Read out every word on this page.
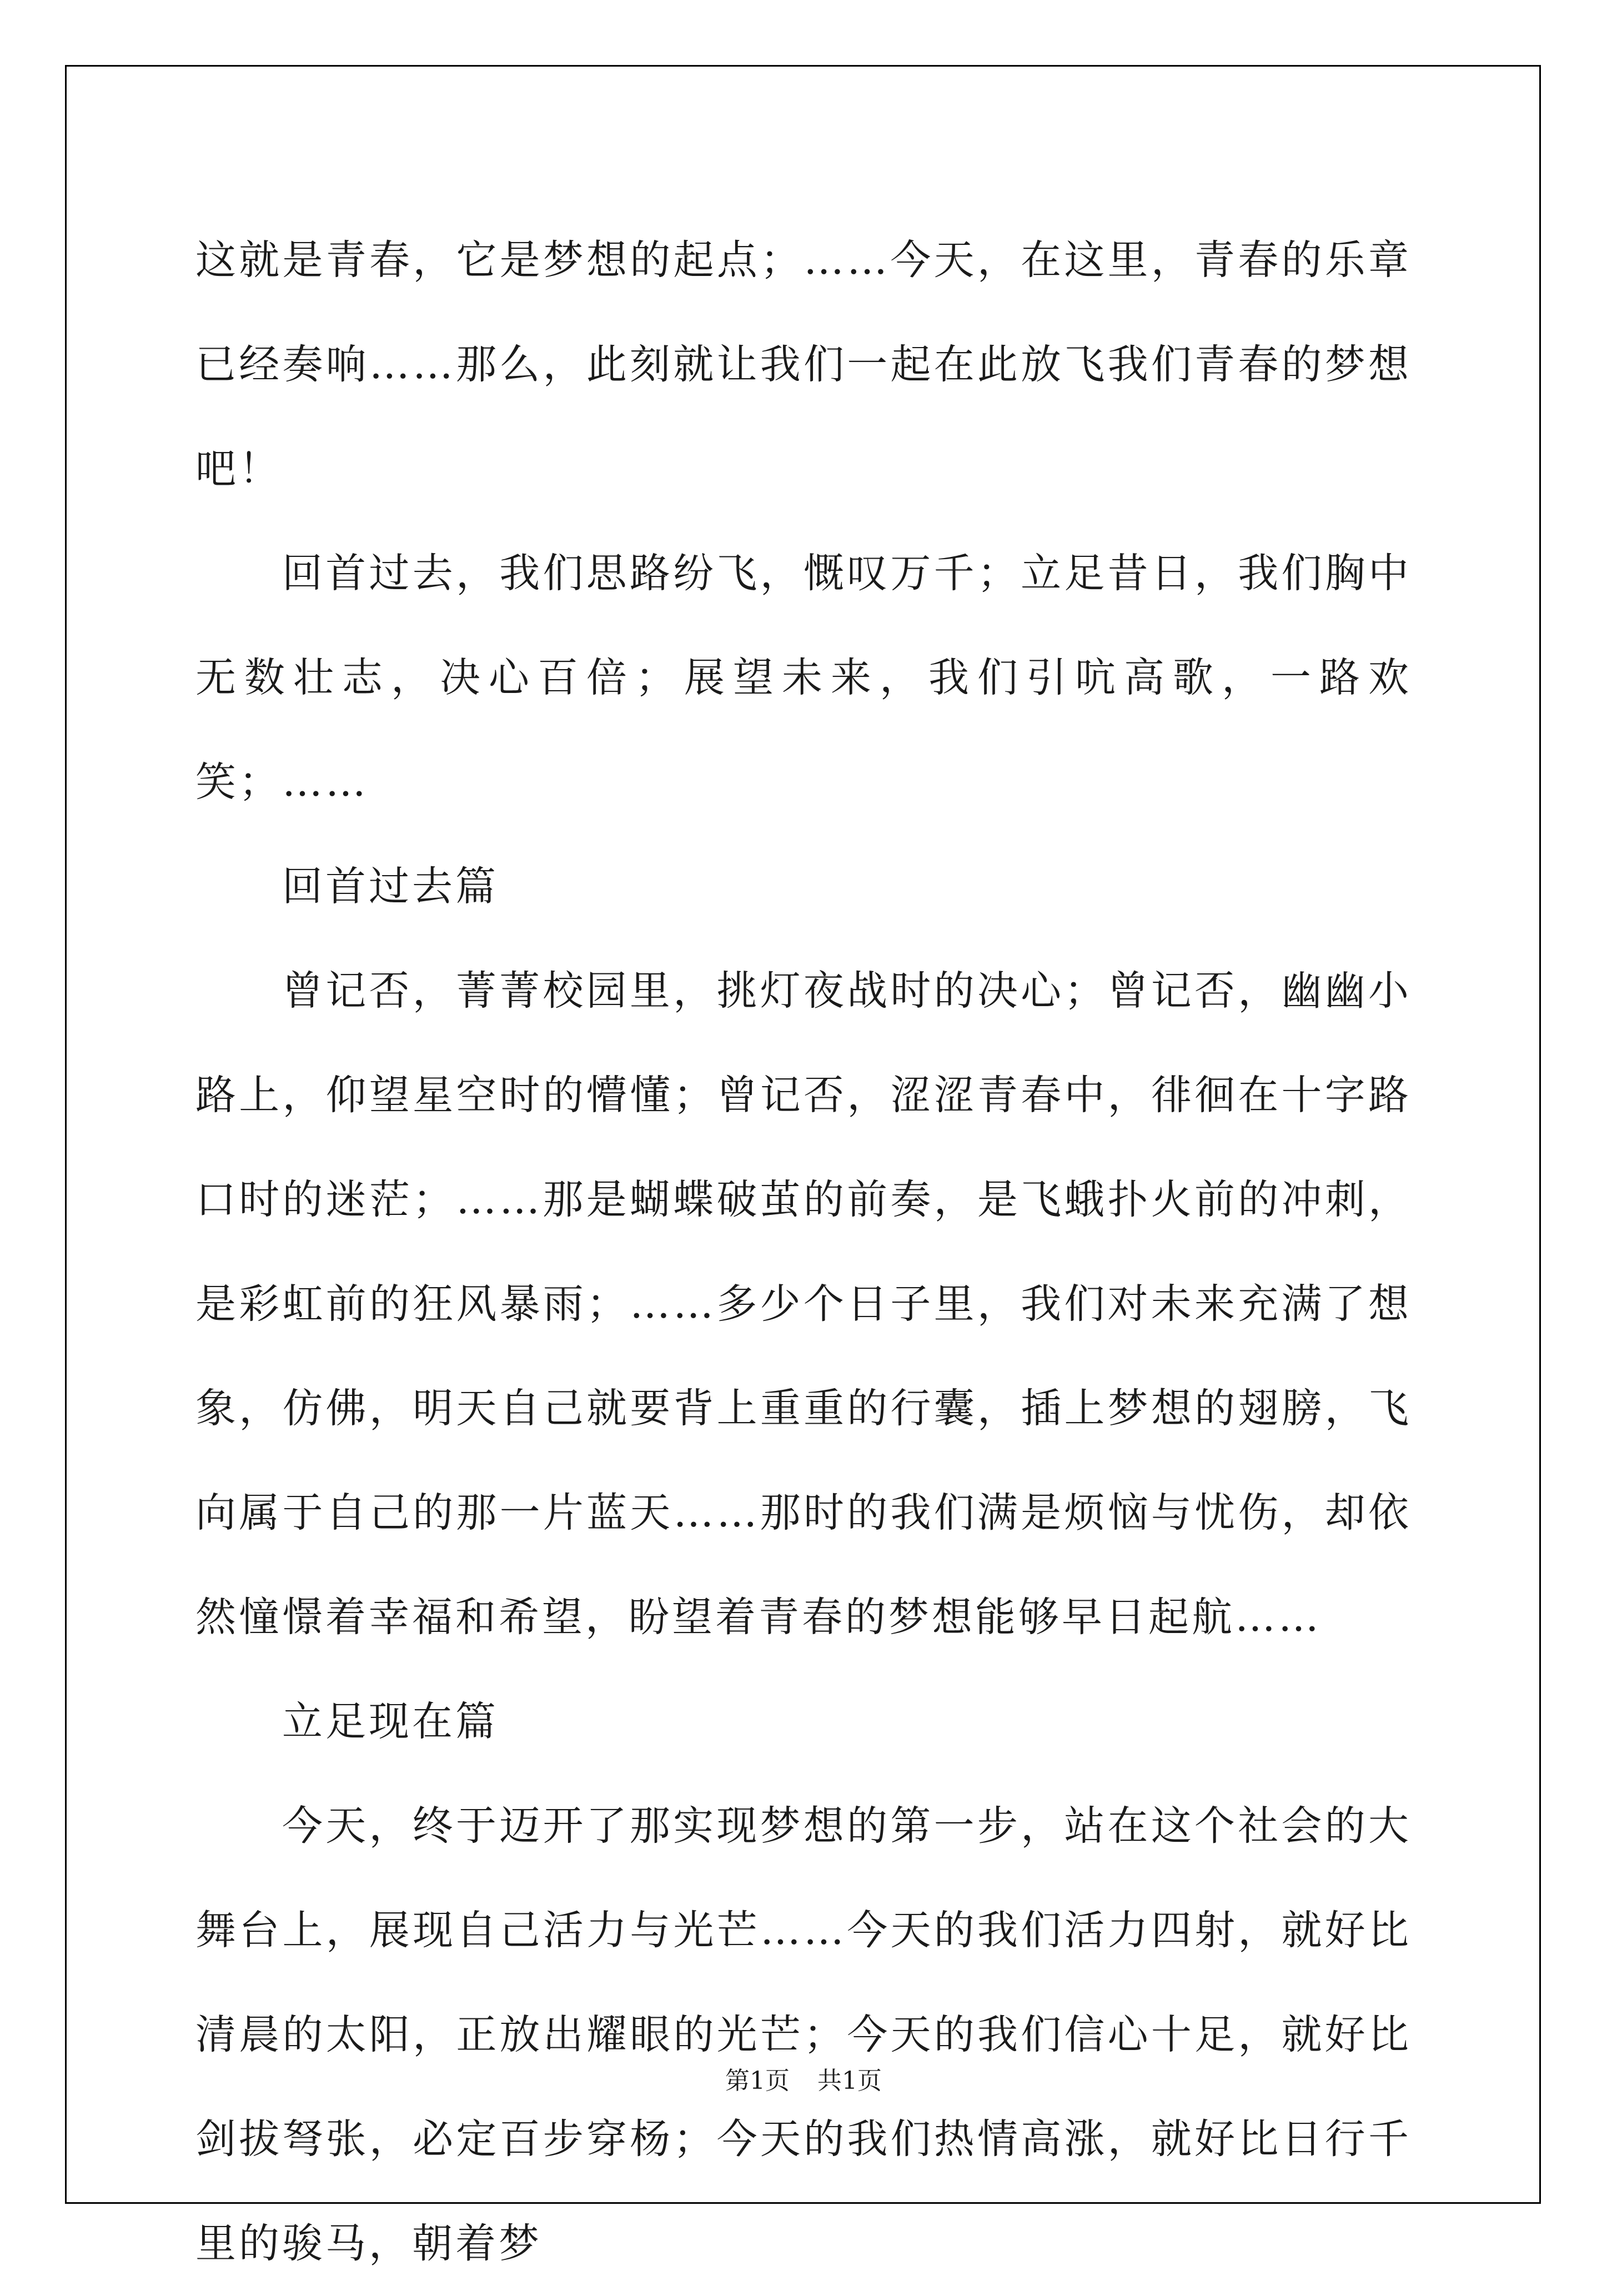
这就是青春，它是梦想的起点；……今天，在这里，青春的乐章已经奏响……那么，此刻就让我们一起在此放飞我们青春的梦想吧！

回首过去，我们思路纷飞，慨叹万千；立足昔日，我们胸中无数壮志，决心百倍；展望未来，我们引吭高歌，一路欢笑；……

回首过去篇

曾记否，菁菁校园里，挑灯夜战时的决心；曾记否，幽幽小路上，仰望星空时的懵懂；曾记否，涩涩青春中，徘徊在十字路口时的迷茫；……那是蝴蝶破茧的前奏，是飞蛾扑火前的冲刺，是彩虹前的狂风暴雨；……多少个日子里，我们对未来充满了想象，仿佛，明天自己就要背上重重的行囊，插上梦想的翅膀，飞向属于自己的那一片蓝天……那时的我们满是烦恼与忧伤，却依然憧憬着幸福和希望，盼望着青春的梦想能够早日起航……

立足现在篇

今天，终于迈开了那实现梦想的第一步，站在这个社会的大舞台上，展现自己活力与光芒……今天的我们活力四射，就好比清晨的太阳，正放出耀眼的光芒；今天的我们信心十足，就好比剑拔弩张，必定百步穿杨；今天的我们热情高涨，就好比日行千里的骏马，朝着梦

第1页 共1页
